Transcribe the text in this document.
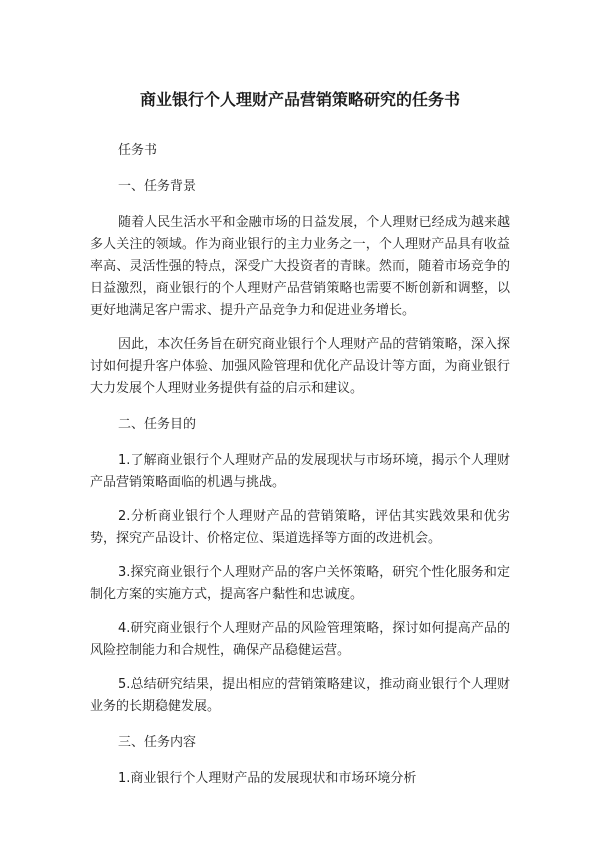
商业银行个人理财产品营销策略研究的任务书

任务书

一、任务背景

随着人民生活水平和金融市场的日益发展，个人理财已经成为越来越多人关注的领域。作为商业银行的主力业务之一，个人理财产品具有收益率高、灵活性强的特点，深受广大投资者的青睐。然而，随着市场竞争的日益激烈，商业银行的个人理财产品营销策略也需要不断创新和调整，以更好地满足客户需求、提升产品竞争力和促进业务增长。

因此，本次任务旨在研究商业银行个人理财产品的营销策略，深入探讨如何提升客户体验、加强风险管理和优化产品设计等方面，为商业银行大力发展个人理财业务提供有益的启示和建议。

二、任务目的

1.了解商业银行个人理财产品的发展现状与市场环境，揭示个人理财产品营销策略面临的机遇与挑战。

2.分析商业银行个人理财产品的营销策略，评估其实践效果和优劣势，探究产品设计、价格定位、渠道选择等方面的改进机会。

3.探究商业银行个人理财产品的客户关怀策略，研究个性化服务和定制化方案的实施方式，提高客户黏性和忠诚度。

4.研究商业银行个人理财产品的风险管理策略，探讨如何提高产品的风险控制能力和合规性，确保产品稳健运营。

5.总结研究结果，提出相应的营销策略建议，推动商业银行个人理财业务的长期稳健发展。

三、任务内容

1.商业银行个人理财产品的发展现状和市场环境分析
